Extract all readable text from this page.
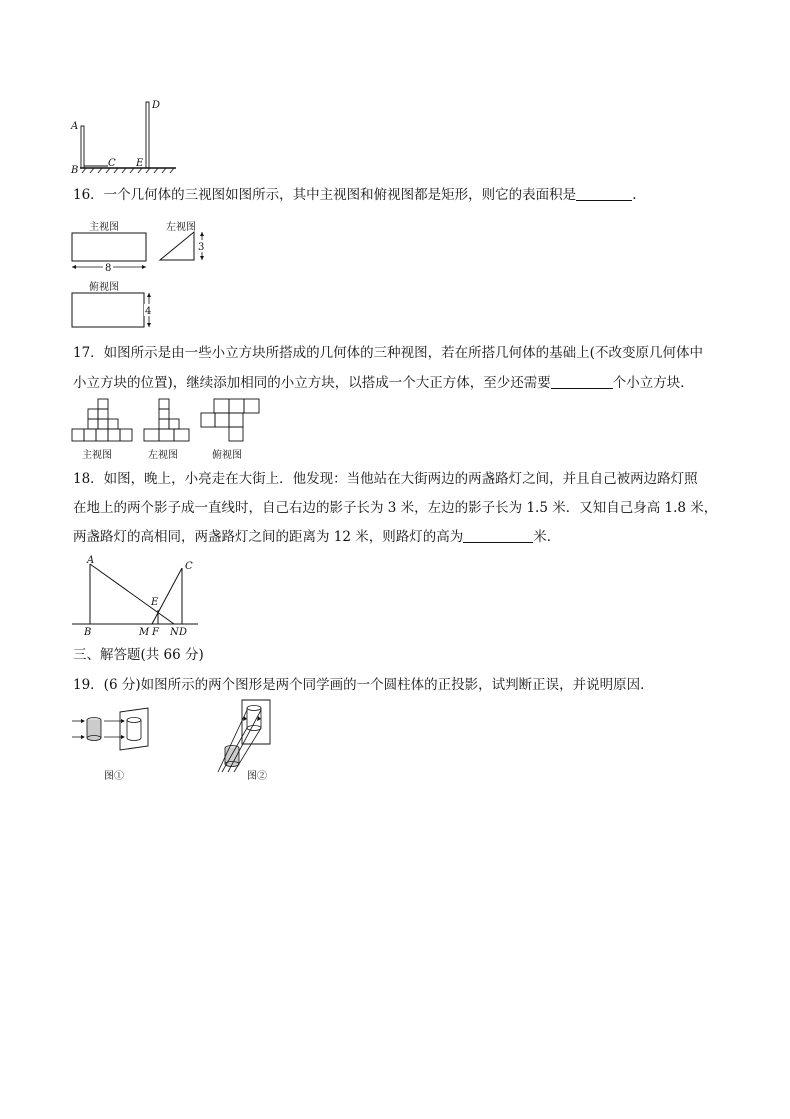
A
B
C
D
E
16．一个几何体的三视图如图所示，其中主视图和俯视图都是矩形，则它的表面积是	.
主视图	左视图
8
3
俯视图
4
17．如图所示是由一些小立方块所搭成的几何体的三种视图，若在所搭几何体的基础上(不改变原几何体中
小立方块的位置)，继续添加相同的小立方块，以搭成一个大正方体，至少还需要	个小立方块．
主视图	左视图	俯视图
18．如图，晚上，小亮走在大街上．他发现：当他站在大街两边的两盏路灯之间，并且自己被两边路灯照
在地上的两个影子成一直线时，自己右边的影子长为 3 米，左边的影子长为 1.5 米．又知自己身高 1.8 米，
两盏路灯的高相同，两盏路灯之间的距离为 12 米，则路灯的高为	米．
A
B
C
D
E
M F N
三、解答题(共 66 分)
19．(6 分)如图所示的两个图形是两个同学画的一个圆柱体的正投影，试判断正误，并说明原因．
图①	图②
